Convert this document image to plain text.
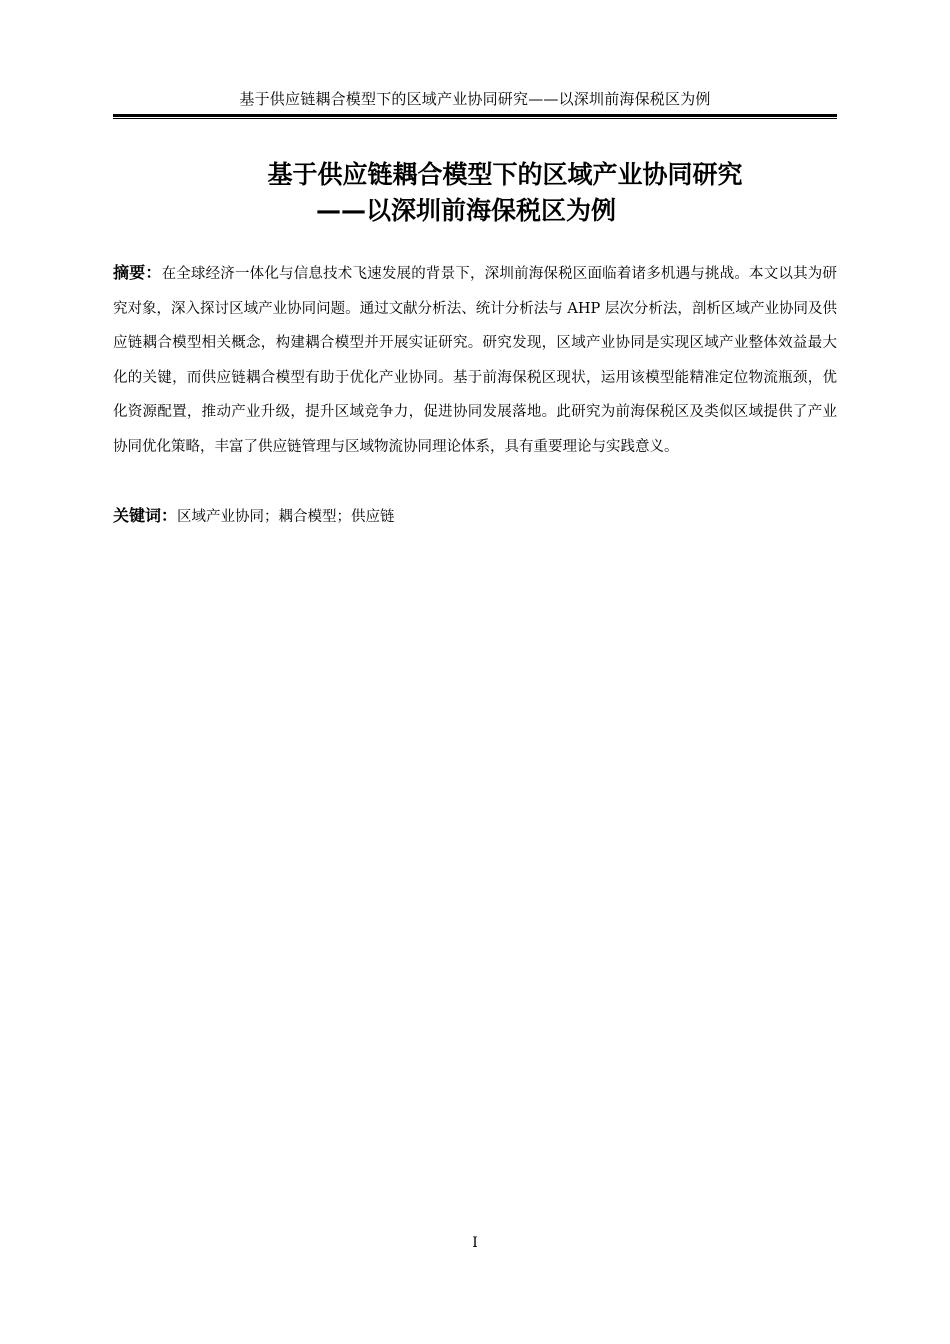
基于供应链耦合模型下的区域产业协同研究——以深圳前海保税区为例
基于供应链耦合模型下的区域产业协同研究
——以深圳前海保税区为例

摘要：在全球经济一体化与信息技术飞速发展的背景下，深圳前海保税区面临着诸多机遇与挑战。本文以其为研究对象，深入探讨区域产业协同问题。通过文献分析法、统计分析法与 AHP 层次分析法，剖析区域产业协同及供应链耦合模型相关概念，构建耦合模型并开展实证研究。研究发现，区域产业协同是实现区域产业整体效益最大化的关键，而供应链耦合模型有助于优化产业协同。基于前海保税区现状，运用该模型能精准定位物流瓶颈，优化资源配置，推动产业升级，提升区域竞争力，促进协同发展落地。此研究为前海保税区及类似区域提供了产业协同优化策略，丰富了供应链管理与区域物流协同理论体系，具有重要理论与实践意义。

关键词：区域产业协同；耦合模型；供应链

I
